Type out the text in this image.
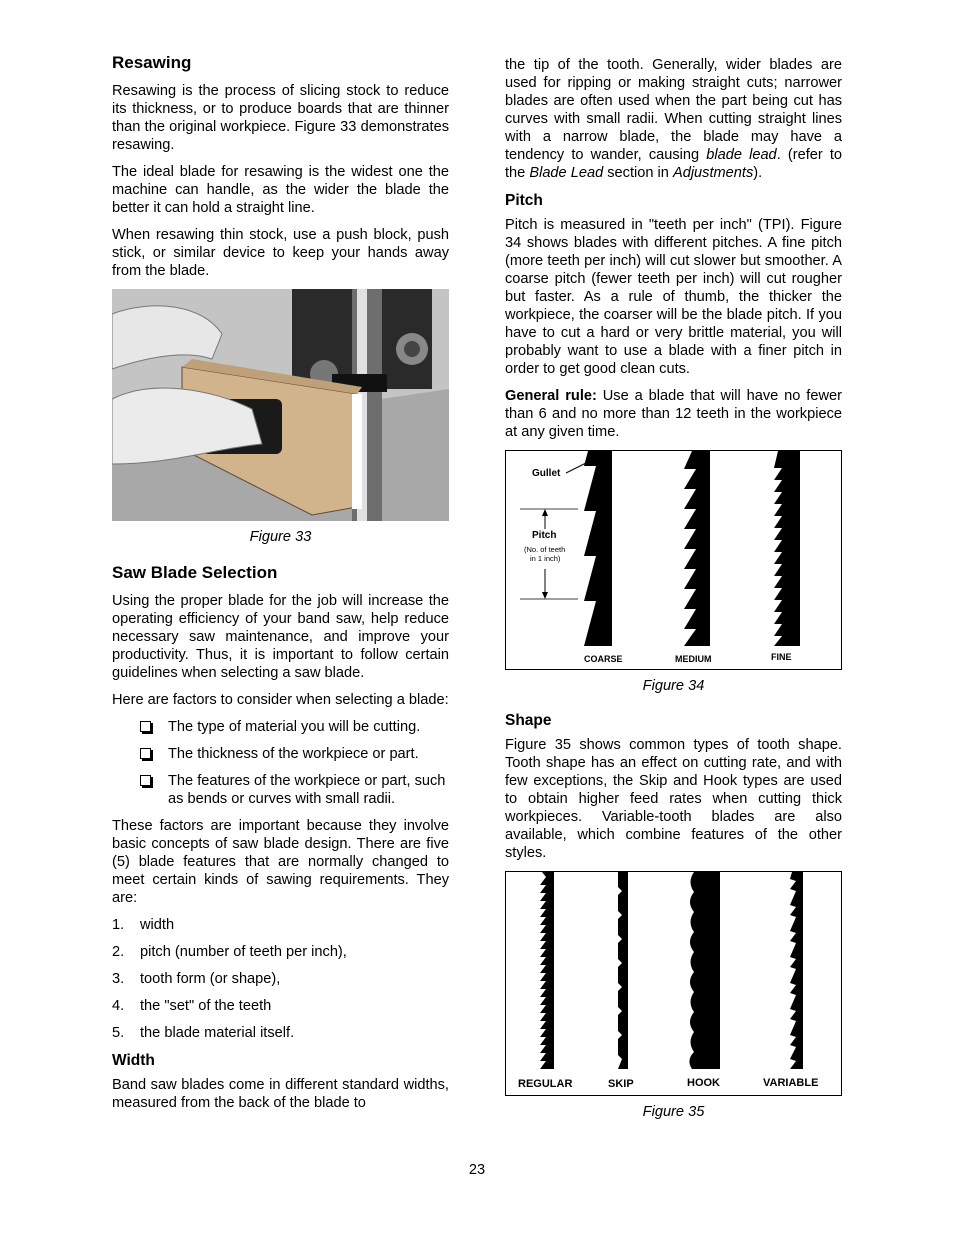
Resawing

Resawing is the process of slicing stock to reduce its thickness, or to produce boards that are thinner than the original workpiece. Figure 33 demonstrates resawing.

The ideal blade for resawing is the widest one the machine can handle, as the wider the blade the better it can hold a straight line.

When resawing thin stock, use a push block, push stick, or similar device to keep your hands away from the blade.

Figure 33
Saw Blade Selection

Using the proper blade for the job will increase the operating efficiency of your band saw, help reduce necessary saw maintenance, and improve your productivity. Thus, it is important to follow certain guidelines when selecting a saw blade.

Here are factors to consider when selecting a blade:

The type of material you will be cutting.
The thickness of the workpiece or part.
The features of the workpiece or part, such as bends or curves with small radii.

These factors are important because they involve basic concepts of saw blade design. There are five (5) blade features that are normally changed to meet certain kinds of sawing requirements. They are:

1.	width
2.	pitch (number of teeth per inch),
3.	tooth form (or shape),
4.	the "set" of the teeth
5.	the blade material itself.
Width

Band saw blades come in different standard widths, measured from the back of the blade to

the tip of the tooth. Generally, wider blades are used for ripping or making straight cuts; narrower blades are often used when the part being cut has curves with small radii. When cutting straight lines with a narrow blade, the blade may have a tendency to wander, causing blade lead. (refer to the Blade Lead section in Adjustments).

Pitch

Pitch is measured in "teeth per inch" (TPI). Figure 34 shows blades with different pitches. A fine pitch (more teeth per inch) will cut slower but smoother. A coarse pitch (fewer teeth per inch) will cut rougher but faster. As a rule of thumb, the thicker the workpiece, the coarser will be the blade pitch. If you have to cut a hard or very brittle material, you will probably want to use a blade with a finer pitch in order to get good clean cuts.

General rule: Use a blade that will have no fewer than 6 and no more than 12 teeth in the workpiece at any given time.

Gullet
Pitch
(No. of teeth
in 1 inch)
COARSE	MEDIUM	FINE
Figure 34
Shape

Figure 35 shows common types of tooth shape. Tooth shape has an effect on cutting rate, and with few exceptions, the Skip and Hook types are used to obtain higher feed rates when cutting thick workpieces. Variable-tooth blades are also available, which combine features of the other styles.

REGULAR	SKIP	HOOK	VARIABLE
Figure 35
23
